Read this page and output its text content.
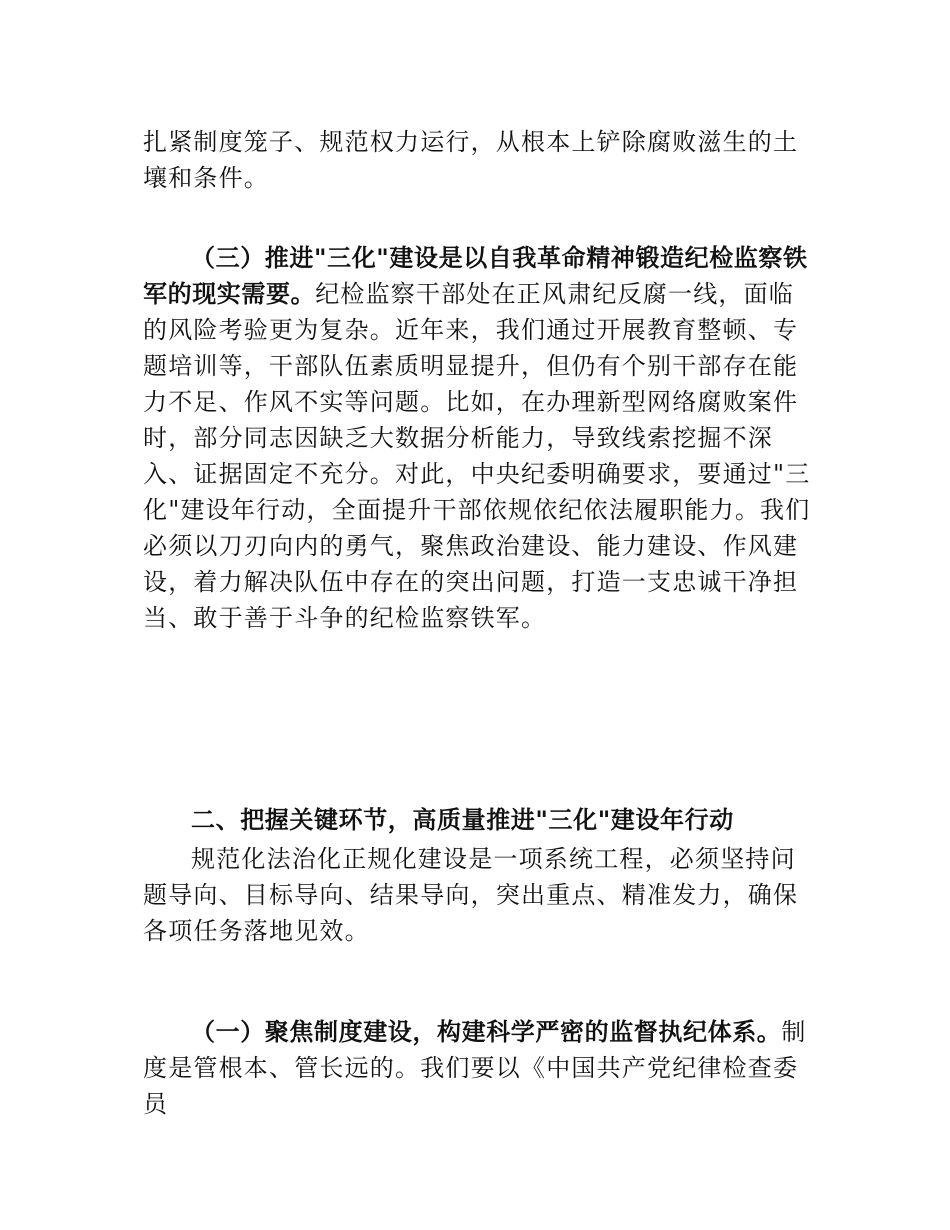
扎紧制度笼子、规范权力运行，从根本上铲除腐败滋生的土壤和条件。

（三）推进"三化"建设是以自我革命精神锻造纪检监察铁军的现实需要。纪检监察干部处在正风肃纪反腐一线，面临的风险考验更为复杂。近年来，我们通过开展教育整顿、专题培训等，干部队伍素质明显提升，但仍有个别干部存在能力不足、作风不实等问题。比如，在办理新型网络腐败案件时，部分同志因缺乏大数据分析能力，导致线索挖掘不深入、证据固定不充分。对此，中央纪委明确要求，要通过"三化"建设年行动，全面提升干部依规依纪依法履职能力。我们必须以刀刃向内的勇气，聚焦政治建设、能力建设、作风建设，着力解决队伍中存在的突出问题，打造一支忠诚干净担当、敢于善于斗争的纪检监察铁军。

二、把握关键环节，高质量推进"三化"建设年行动

规范化法治化正规化建设是一项系统工程，必须坚持问题导向、目标导向、结果导向，突出重点、精准发力，确保各项任务落地见效。

（一）聚焦制度建设，构建科学严密的监督执纪体系。制度是管根本、管长远的。我们要以《中国共产党纪律检查委员
